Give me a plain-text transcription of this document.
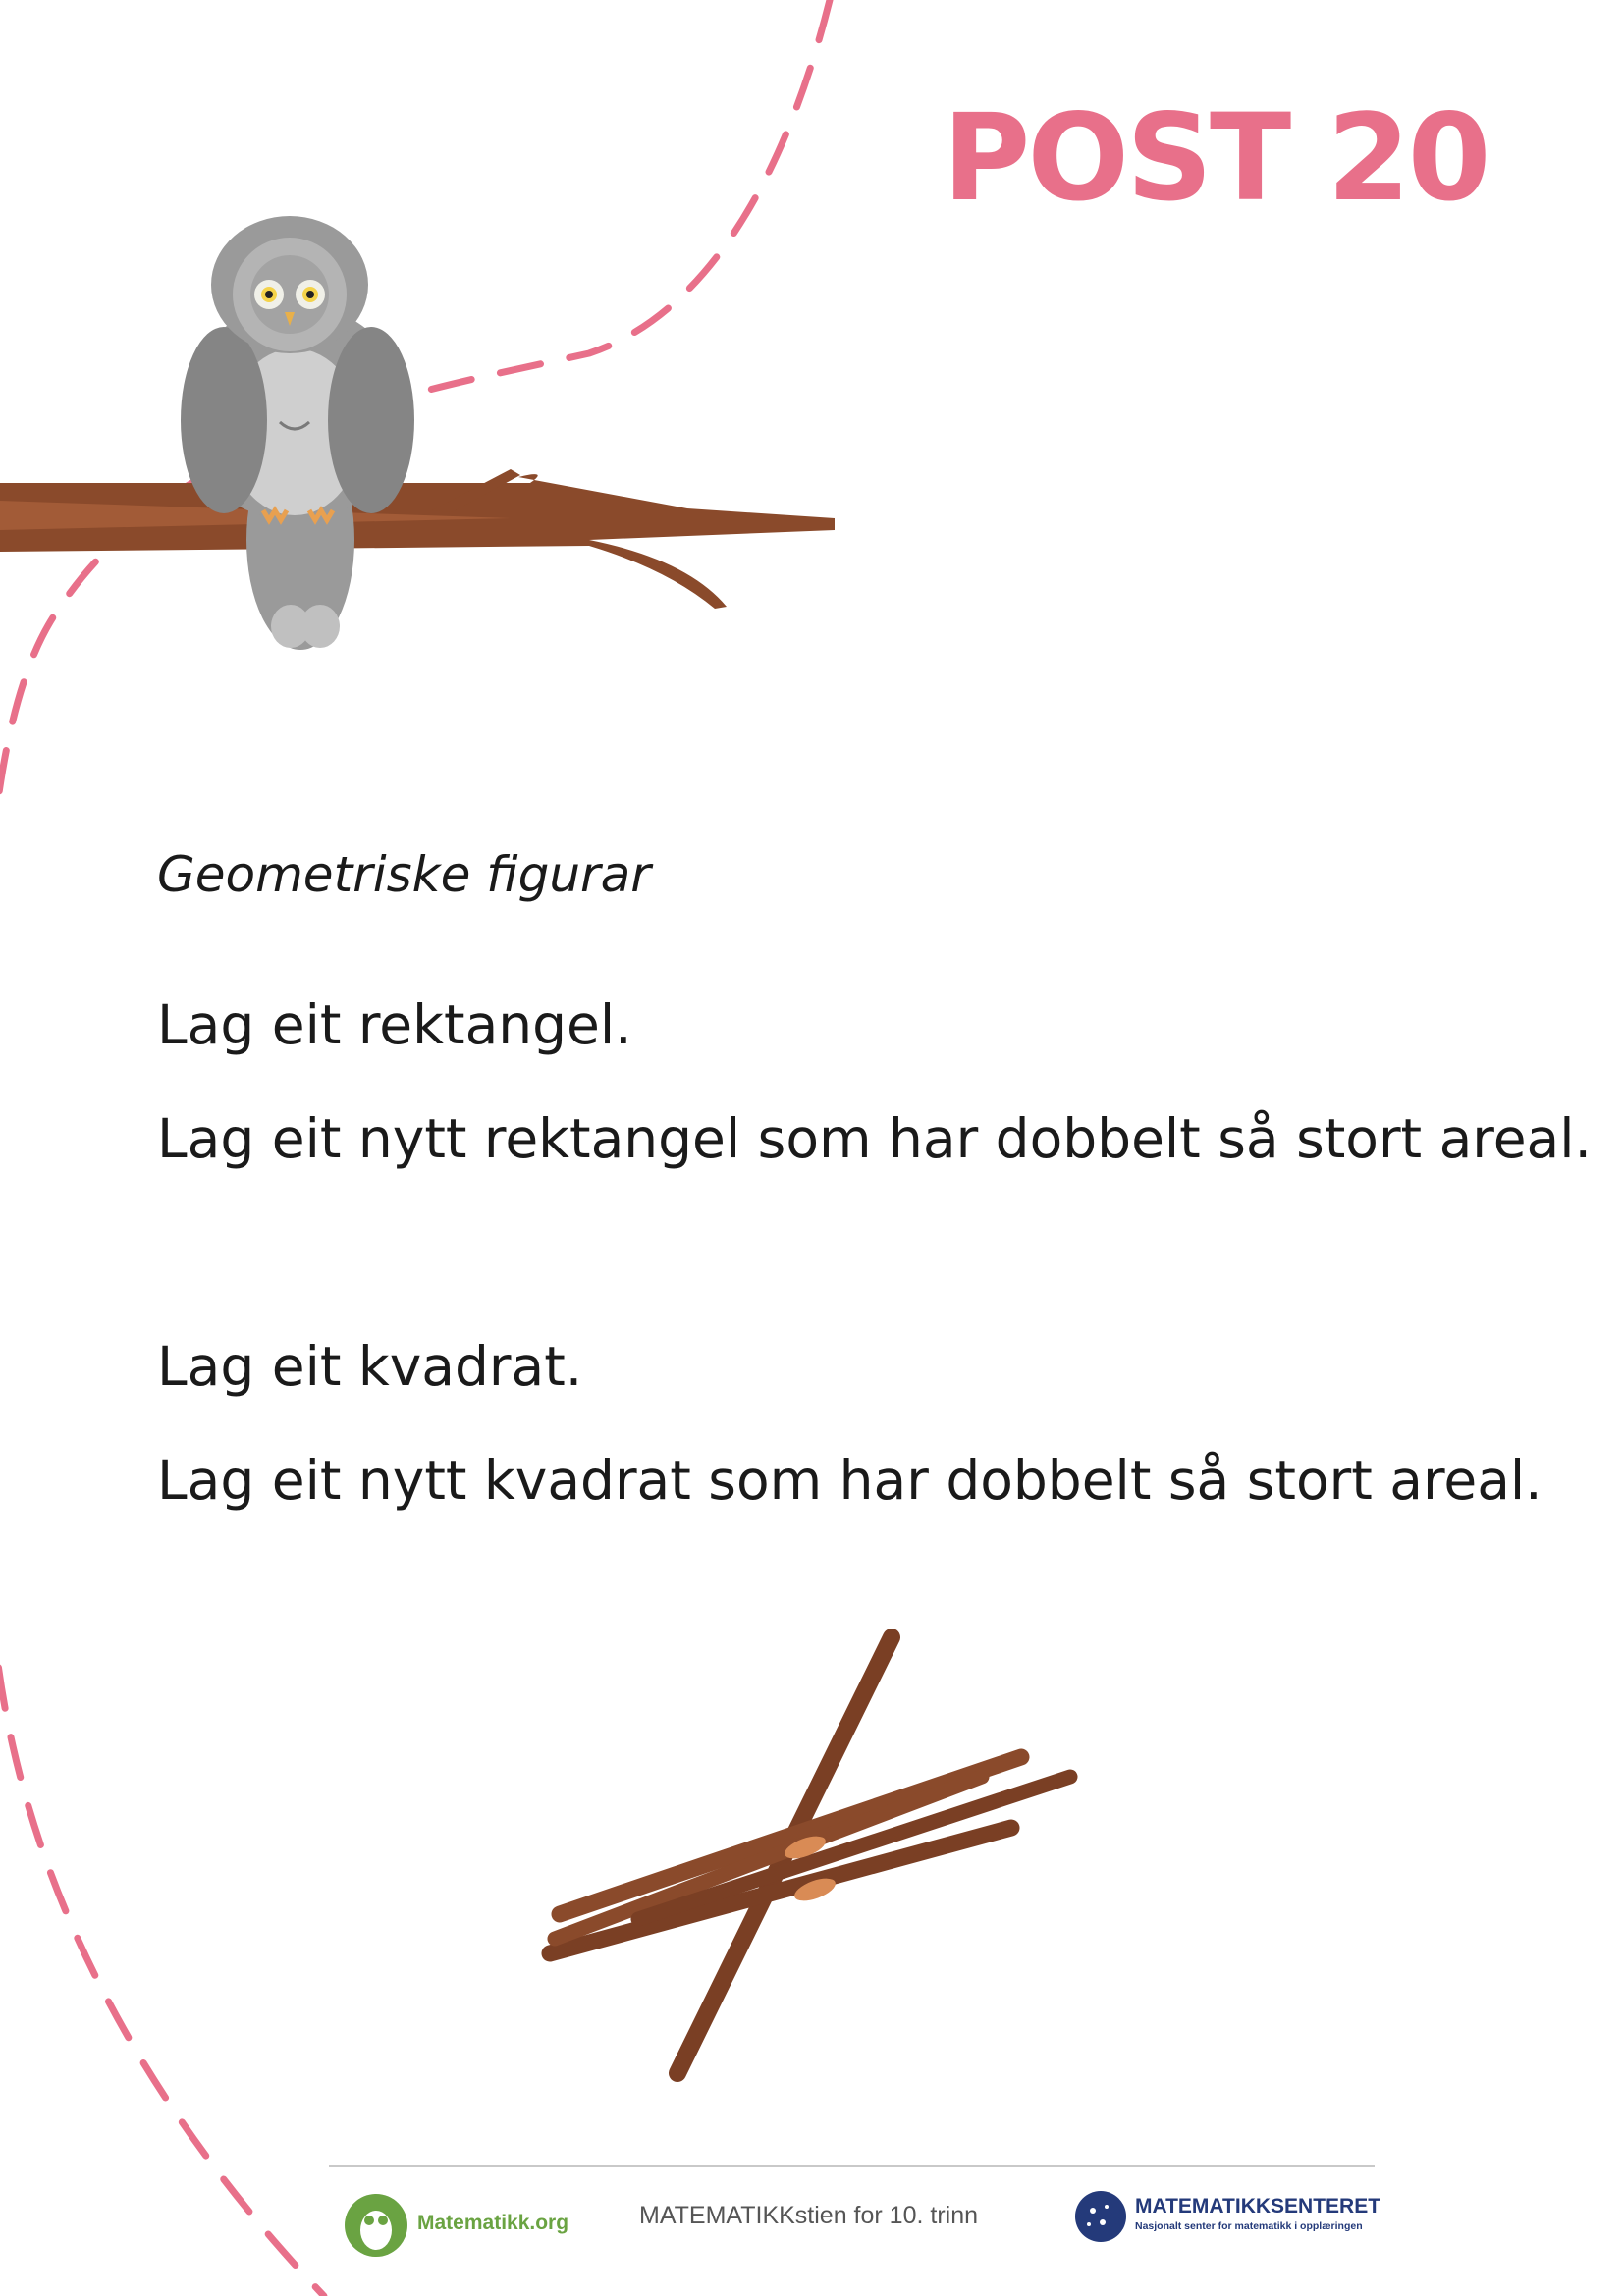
POST 20
Geometriske figurar
Lag eit rektangel.
Lag eit nytt rektangel som har dobbelt så stort areal.
Lag eit kvadrat.
Lag eit nytt kvadrat som har dobbelt så stort areal.
Matematikk.org	MATEMATIKKstien for 10. trinn	MATEMATIKKSENTERET
Nasjonalt senter for matematikk i opplæringen
